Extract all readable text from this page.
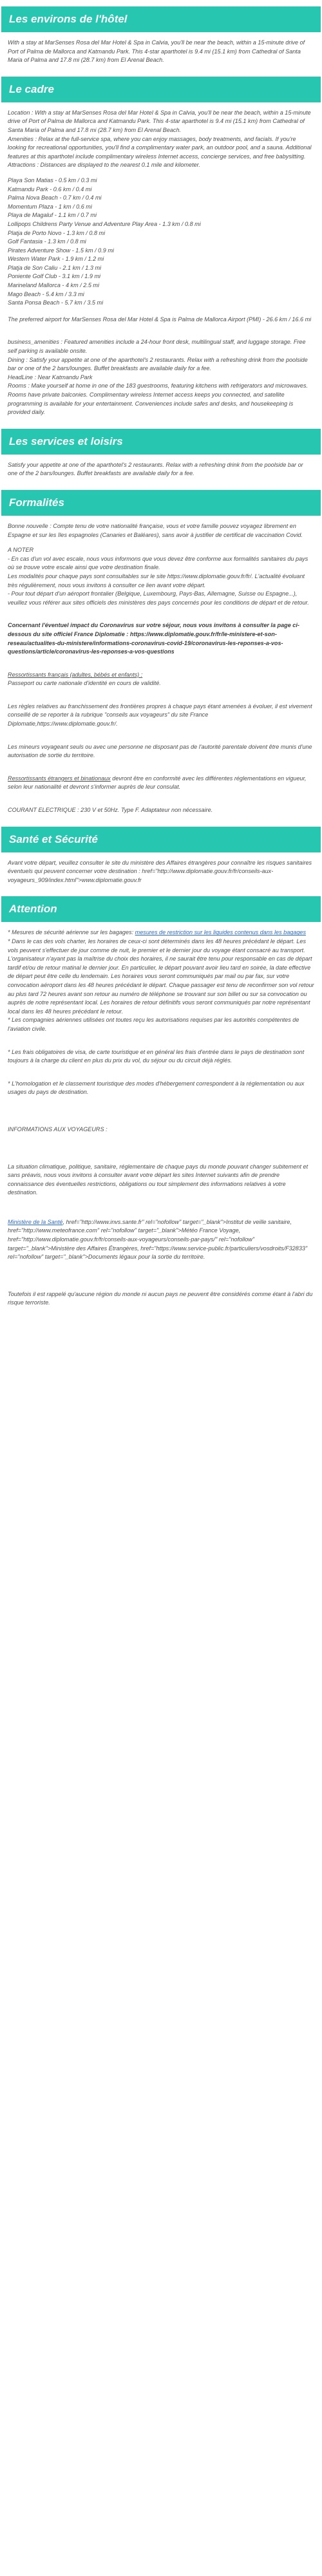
Les environs de l'hôtel

With a stay at MarSenses Rosa del Mar Hotel & Spa in Calvia, you'll be near the beach, within a 15-minute drive of Port of Palma de Mallorca and Katmandu Park. This 4-star aparthotel is 9.4 mi (15.1 km) from Cathedral of Santa Maria of Palma and 17.8 mi (28.7 km) from El Arenal Beach.

Le cadre

Location : With a stay at MarSenses Rosa del Mar Hotel & Spa in Calvia, you'll be near the beach, within a 15-minute drive of Port of Palma de Mallorca and Katmandu Park. This 4-star aparthotel is 9.4 mi (15.1 km) from Cathedral of Santa Maria of Palma and 17.8 mi (28.7 km) from El Arenal Beach.

Amenities : Relax at the full-service spa, where you can enjoy massages, body treatments, and facials. If you're looking for recreational opportunities, you'll find a complimentary water park, an outdoor pool, and a sauna. Additional features at this aparthotel include complimentary wireless Internet access, concierge services, and free babysitting.

Attractions : Distances are displayed to the nearest 0.1 mile and kilometer.

Playa Son Matias - 0.5 km / 0.3 mi

Katmandu Park - 0.6 km / 0.4 mi

Palma Nova Beach - 0.7 km / 0.4 mi

Momentum Plaza - 1 km / 0.6 mi

Playa de Magaluf - 1.1 km / 0.7 mi

Lollipops Childrens Party Venue and Adventure Play Area - 1.3 km / 0.8 mi

Platja de Porto Novo - 1.3 km / 0.8 mi

Golf Fantasia - 1.3 km / 0.8 mi

Pirates Adventure Show - 1.5 km / 0.9 mi

Western Water Park - 1.9 km / 1.2 mi

Platja de Son Caliu - 2.1 km / 1.3 mi

Poniente Golf Club - 3.1 km / 1.9 mi

Marineland Mallorca - 4 km / 2.5 mi

Mago Beach - 5.4 km / 3.3 mi

Santa Ponsa Beach - 5.7 km / 3.5 mi

The preferred airport for MarSenses Rosa del Mar Hotel & Spa is Palma de Mallorca Airport (PMI) - 26.6 km / 16.6 mi

business_amenities : Featured amenities include a 24-hour front desk, multilingual staff, and luggage storage. Free self parking is available onsite.

Dining : Satisfy your appetite at one of the aparthotel's 2 restaurants. Relax with a refreshing drink from the poolside bar or one of the 2 bars/lounges. Buffet breakfasts are available daily for a fee.

HeadLine : Near Katmandu Park

Rooms : Make yourself at home in one of the 183 guestrooms, featuring kitchens with refrigerators and microwaves. Rooms have private balconies. Complimentary wireless Internet access keeps you connected, and satellite programming is available for your entertainment. Conveniences include safes and desks, and housekeeping is provided daily.

Les services et loisirs

Satisfy your appetite at one of the aparthotel's 2 restaurants. Relax with a refreshing drink from the poolside bar or one of the 2 bars/lounges. Buffet breakfasts are available daily for a fee.

Formalités

Bonne nouvelle : Compte tenu de votre nationalité française, vous et votre famille pouvez voyagez librement en Espagne et sur les îles espagnoles (Canaries et Baléares), sans avoir à justifier de certificat de vaccination Covid.

A NOTER

- En cas d'un vol avec escale, nous vous informons que vous devez être conforme aux formalités sanitaires du pays où se trouve votre escale ainsi que votre destination finale.

Les modalités pour chaque pays sont consultables sur le site https://www.diplomatie.gouv.fr/fr/. L'actualité évoluant très régulièrement, nous vous invitons à consulter ce lien avant votre départ.

- Pour tout départ d'un aéroport frontalier (Belgique, Luxembourg, Pays-Bas, Allemagne, Suisse ou Espagne...), veuillez vous référer aux sites officiels des ministères des pays concernés pour les conditions de départ et de retour.

Concernant l'éventuel impact du Coronavirus sur votre séjour, nous vous invitons à consulter la page ci-dessous du site officiel France Diplomatie : https://www.diplomatie.gouv.fr/fr/le-ministere-et-son-reseau/actualites-du-ministere/informations-coronavirus-covid-19/coronavirus-les-reponses-a-vos-questions/article/coronavirus-les-reponses-a-vos-questions

Ressortissants français (adultes, bébés et enfants) :

Passeport ou carte nationale d'identité en cours de validité.

Les règles relatives au franchissement des frontières propres à chaque pays étant amenées à évoluer, il est vivement conseillé de se reporter à la rubrique "conseils aux voyageurs" du site France Diplomatie,https://www.diplomatie.gouv.fr/.

Les mineurs voyageant seuls ou avec une personne ne disposant pas de l'autorité parentale doivent être munis d'une autorisation de sortie du territoire.

Ressortissants étrangers et binationaux devront être en conformité avec les différentes réglementations en vigueur, selon leur nationalité et devront s'informer auprès de leur consulat.

COURANT ELECTRIQUE : 230 V et 50Hz. Type F. Adaptateur non nécessaire.

Santé et Sécurité

Avant votre départ, veuillez consulter le site du ministère des Affaires étrangères pour connaître les risques sanitaires éventuels qui peuvent concerner votre destination : href="http://www.diplomatie.gouv.fr/fr/conseils-aux-voyageurs_909/index.html">www.diplomatie.gouv.fr

Attention

* Mesures de sécurité aérienne sur les bagages: mesures de restriction sur les liquides contenus dans les bagages

* Dans le cas des vols charter, les horaires de ceux-ci sont déterminés dans les 48 heures précédant le départ. Les vols peuvent s'effectuer de jour comme de nuit, le premier et le dernier jour du voyage étant consacré au transport. L'organisateur n'ayant pas la maîtrise du choix des horaires, il ne saurait être tenu pour responsable en cas de départ tardif et/ou de retour matinal le dernier jour. En particulier, le départ pouvant avoir lieu tard en soirée, la date effective de départ peut être celle du lendemain. Les horaires vous seront communiqués par mail ou par fax, sur votre convocation aéroport dans les 48 heures précédant le départ. Chaque passager est tenu de reconfirmer son vol retour au plus tard 72 heures avant son retour au numéro de téléphone se trouvant sur son billet ou sur sa convocation ou auprès de notre représentant local. Les horaires de retour définitifs vous seront communiqués par notre représentant local dans les 48 heures précédant le retour.

* Les compagnies aériennes utilisées ont toutes reçu les autorisations requises par les autorités compétentes de l'aviation civile.

* Les frais obligatoires de visa, de carte touristique et en général les frais d'entrée dans le pays de destination sont toujours à la charge du client en plus du prix du vol, du séjour ou du circuit déjà réglés.

* L'homologation et le classement touristique des modes d'hébergement correspondent à la réglementation ou aux usages du pays de destination.

INFORMATIONS AUX VOYAGEURS :

La situation climatique, politique, sanitaire, réglementaire de chaque pays du monde pouvant changer subitement et sans préavis, nous vous invitons à consulter avant votre départ les sites Internet suivants afin de prendre connaissance des éventuelles restrictions, obligations ou tout simplement des informations relatives à votre destination.

Ministère de la Santé, href="http://www.invs.sante.fr" rel="nofollow" target="_blank">Institut de veille sanitaire, href="http://www.meteofrance.com" rel="nofollow" target="_blank">Météo France Voyage, href="http://www.diplomatie.gouv.fr/fr/conseils-aux-voyageurs/conseils-par-pays/" rel="nofollow" target="_blank">Ministère des Affaires Étrangères, href="https://www.service-public.fr/particuliers/vosdroits/F32833" rel="nofollow" target="_blank">Documents légaux pour la sortie du territoire.

Toutefois il est rappelé qu'aucune région du monde ni aucun pays ne peuvent être considérés comme étant à l'abri du risque terroriste.
